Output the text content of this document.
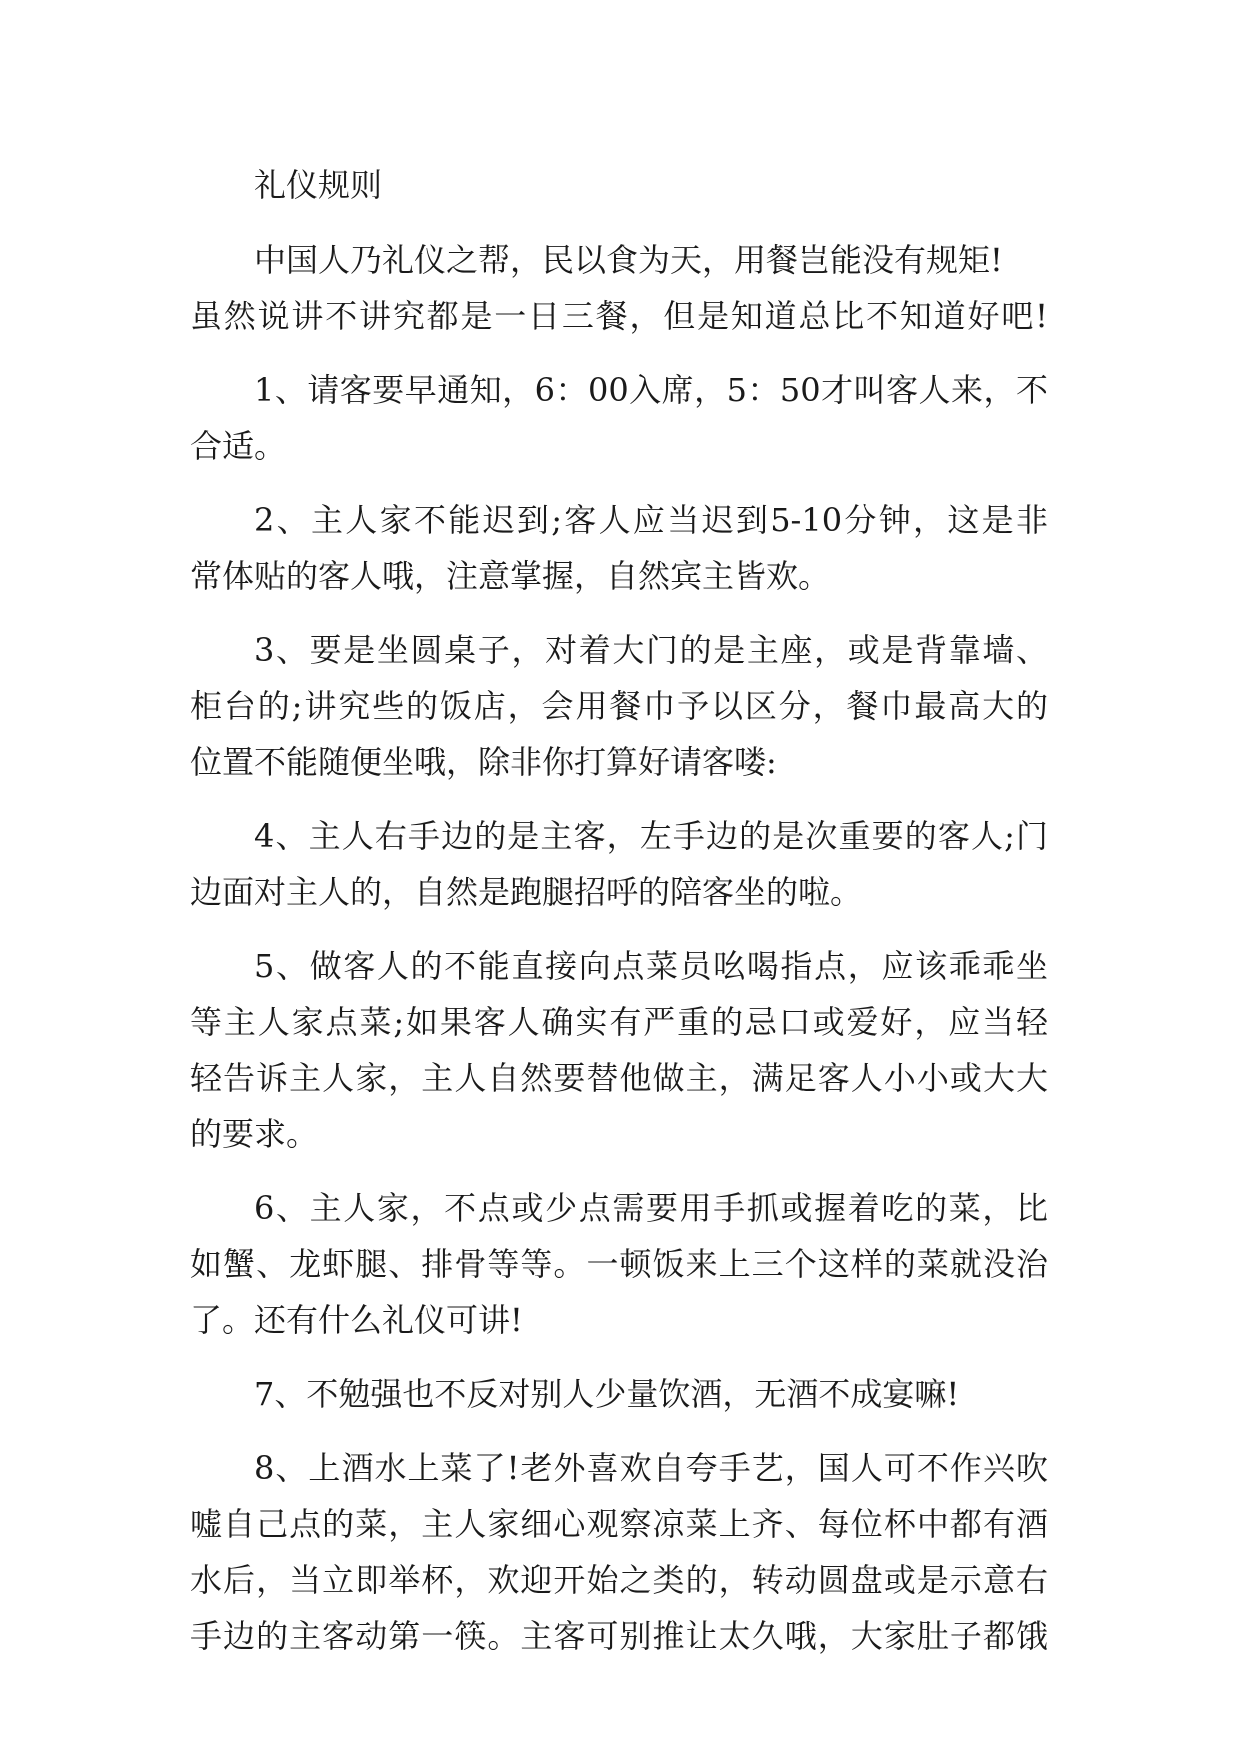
礼仪规则
中国人乃礼仪之帮，民以食为天，用餐岂能没有规矩!
虽然说讲不讲究都是一日三餐，但是知道总比不知道好吧!
1、请客要早通知，6：00入席，5：50才叫客人来，不
合适。
2、主人家不能迟到;客人应当迟到5-10分钟，这是非
常体贴的客人哦，注意掌握，自然宾主皆欢。
3、要是坐圆桌子，对着大门的是主座，或是背靠墙、
柜台的;讲究些的饭店，会用餐巾予以区分，餐巾最高大的
位置不能随便坐哦，除非你打算好请客喽:
4、主人右手边的是主客，左手边的是次重要的客人;门
边面对主人的，自然是跑腿招呼的陪客坐的啦。
5、做客人的不能直接向点菜员吆喝指点，应该乖乖坐
等主人家点菜;如果客人确实有严重的忌口或爱好，应当轻
轻告诉主人家，主人自然要替他做主，满足客人小小或大大
的要求。
6、主人家，不点或少点需要用手抓或握着吃的菜，比
如蟹、龙虾腿、排骨等等。一顿饭来上三个这样的菜就没治
了。还有什么礼仪可讲!
7、不勉强也不反对别人少量饮酒，无酒不成宴嘛!
8、上酒水上菜了!老外喜欢自夸手艺，国人可不作兴吹
嘘自己点的菜，主人家细心观察凉菜上齐、每位杯中都有酒
水后，当立即举杯，欢迎开始之类的，转动圆盘或是示意右
手边的主客动第一筷。主客可别推让太久哦，大家肚子都饿
